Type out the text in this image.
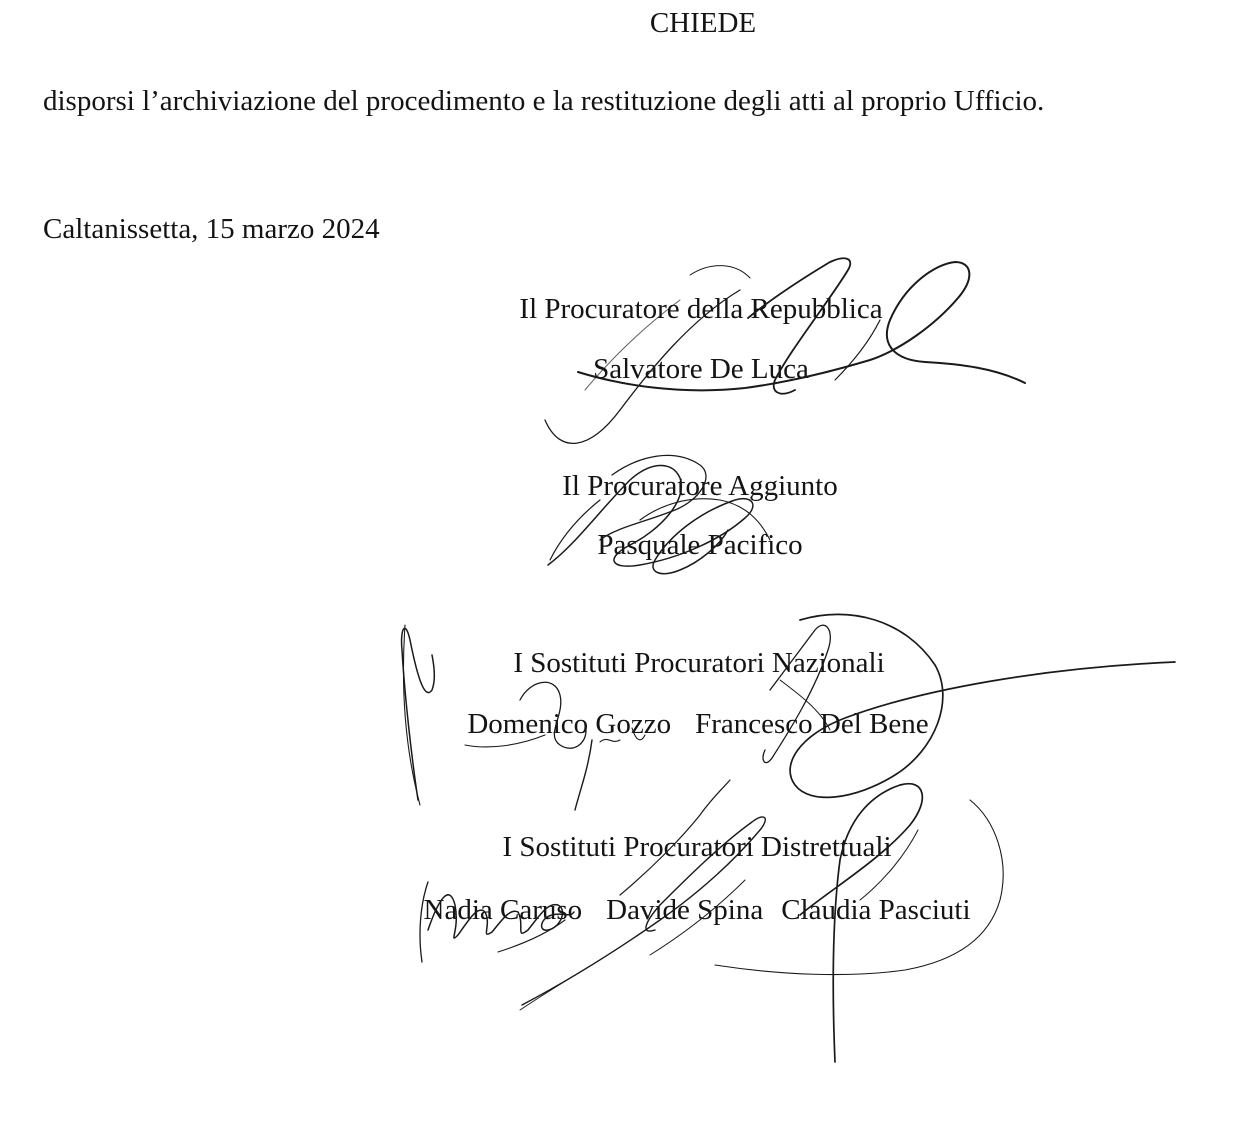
CHIEDE
disporsi l’archiviazione del procedimento e la restituzione degli atti al proprio Ufficio.
Caltanissetta, 15 marzo 2024
Il Procuratore della Repubblica
Salvatore De Luca
Il Procuratore Aggiunto
Pasquale Pacifico
I Sostituti Procuratori Nazionali
Domenico Gozzo Francesco Del Bene
I Sostituti Procuratori Distrettuali
Nadia Caruso Davide Spina Claudia Pasciuti
